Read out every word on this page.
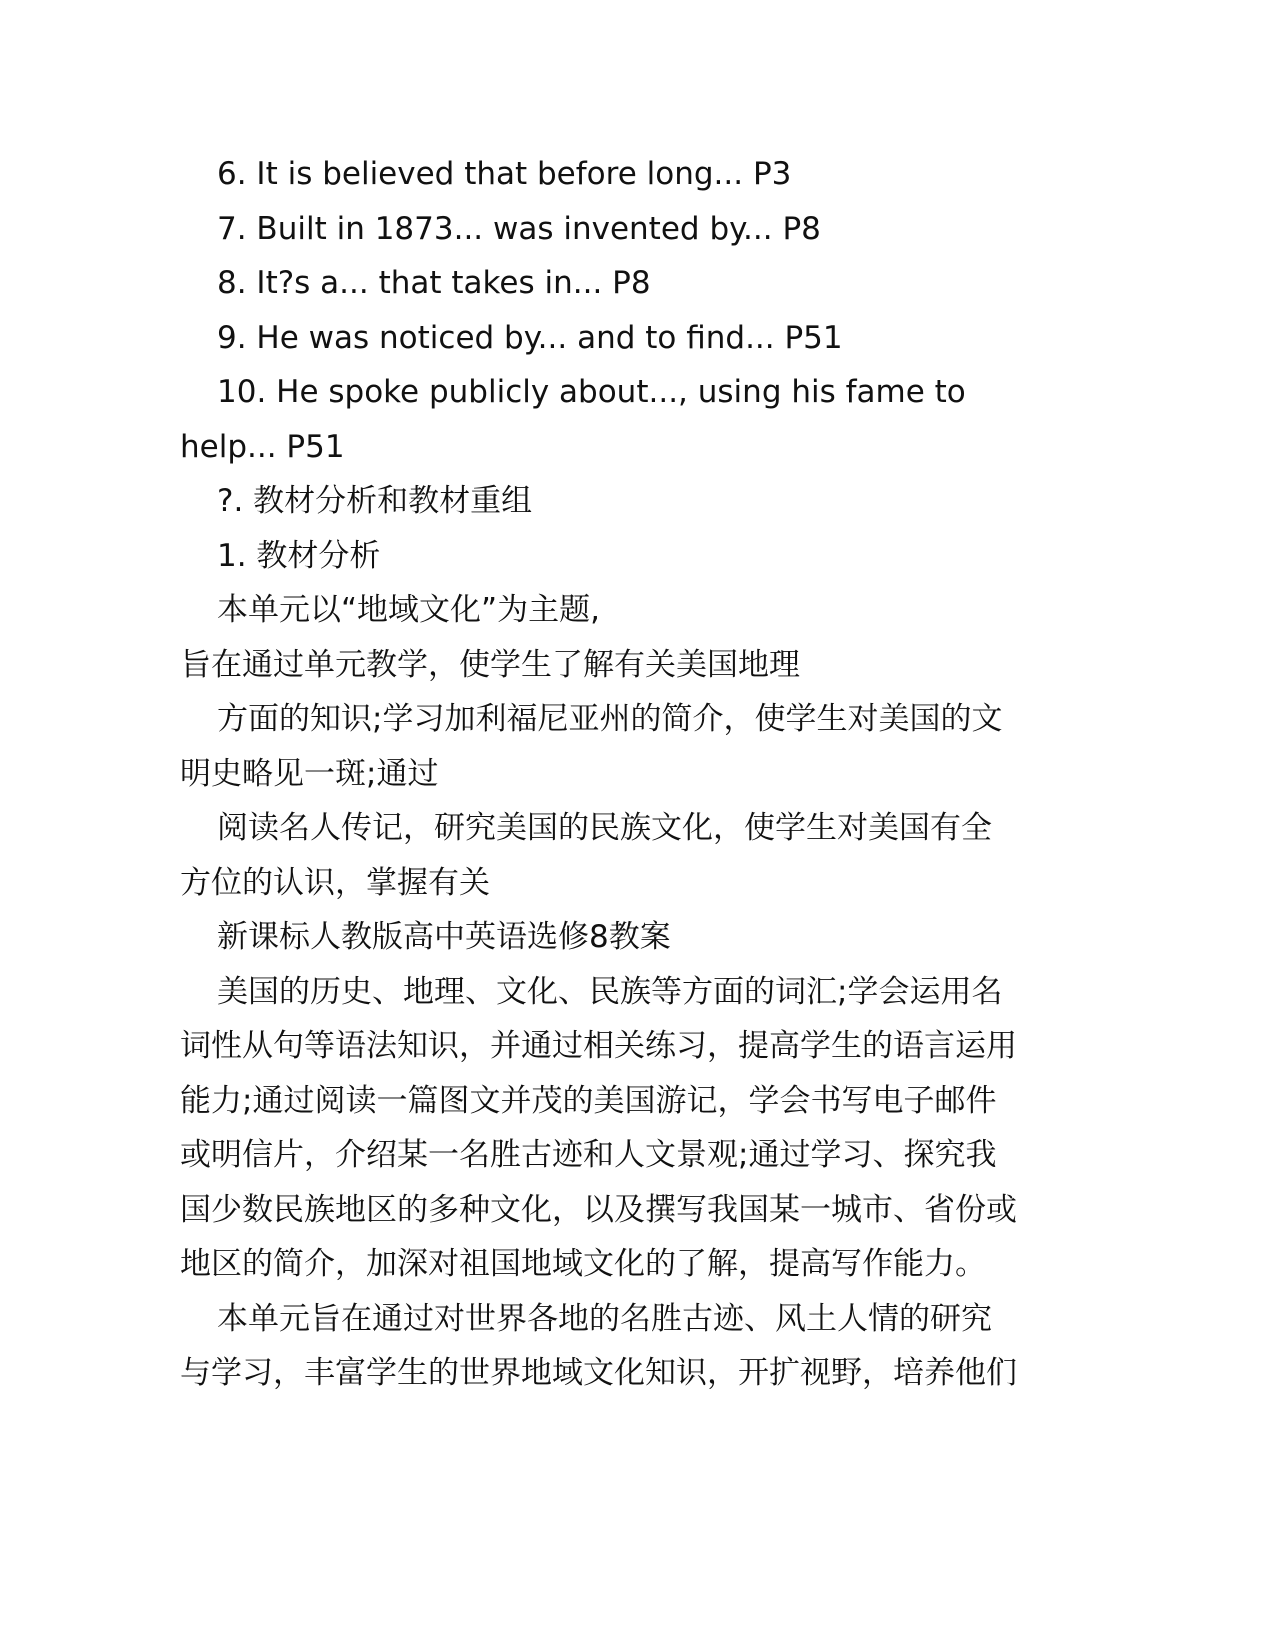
6. It is believed that before long... P3
7. Built in 1873... was invented by... P8
8. It?s a... that takes in... P8
9. He was noticed by... and to find... P51
10. He spoke publicly about..., using his fame to
help... P51
?. 教材分析和教材重组
1. 教材分析
本单元以“地域文化”为主题,
旨在通过单元教学，使学生了解有关美国地理
方面的知识;学习加利福尼亚州的简介，使学生对美国的文
明史略见一斑;通过
阅读名人传记，研究美国的民族文化，使学生对美国有全
方位的认识，掌握有关
新课标人教版高中英语选修8教案
美国的历史、地理、文化、民族等方面的词汇;学会运用名
词性从句等语法知识，并通过相关练习，提高学生的语言运用
能力;通过阅读一篇图文并茂的美国游记，学会书写电子邮件
或明信片，介绍某一名胜古迹和人文景观;通过学习、探究我
国少数民族地区的多种文化，以及撰写我国某一城市、省份或
地区的简介，加深对祖国地域文化的了解，提高写作能力。
本单元旨在通过对世界各地的名胜古迹、风土人情的研究
与学习，丰富学生的世界地域文化知识，开扩视野，培养他们
